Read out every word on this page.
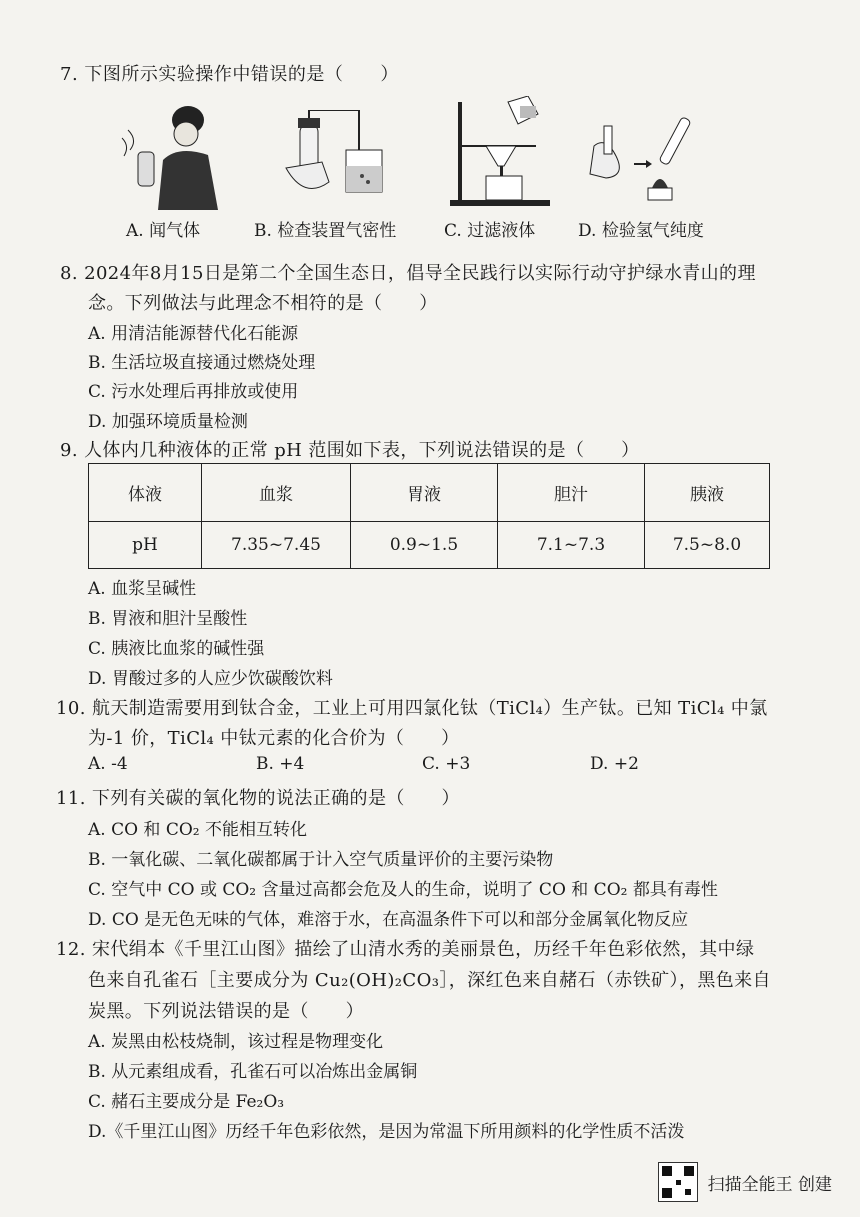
7. 下图所示实验操作中错误的是（　　）
A. 闻气体	B. 检查装置气密性	C. 过滤液体	D. 检验氢气纯度
8. 2024年8月15日是第二个全国生态日，倡导全民践行以实际行动守护绿水青山的理
念。下列做法与此理念不相符的是（　　）
A. 用清洁能源替代化石能源
B. 生活垃圾直接通过燃烧处理
C. 污水处理后再排放或使用
D. 加强环境质量检测
9. 人体内几种液体的正常 pH 范围如下表，下列说法错误的是（　　）
体液	血浆	胃液	胆汁	胰液
pH	7.35~7.45	0.9~1.5	7.1~7.3	7.5~8.0
A. 血浆呈碱性
B. 胃液和胆汁呈酸性
C. 胰液比血浆的碱性强
D. 胃酸过多的人应少饮碳酸饮料
10. 航天制造需要用到钛合金，工业上可用四氯化钛（TiCl₄）生产钛。已知 TiCl₄ 中氯
为-1 价，TiCl₄ 中钛元素的化合价为（　　）
A. -4	B. +4	C. +3	D. +2
11. 下列有关碳的氧化物的说法正确的是（　　）
A. CO 和 CO₂ 不能相互转化
B. 一氧化碳、二氧化碳都属于计入空气质量评价的主要污染物
C. 空气中 CO 或 CO₂ 含量过高都会危及人的生命，说明了 CO 和 CO₂ 都具有毒性
D. CO 是无色无味的气体，难溶于水，在高温条件下可以和部分金属氧化物反应
12. 宋代绢本《千里江山图》描绘了山清水秀的美丽景色，历经千年色彩依然，其中绿
色来自孔雀石［主要成分为 Cu₂(OH)₂CO₃］，深红色来自赭石（赤铁矿），黑色来自
炭黑。下列说法错误的是（　　）
A. 炭黑由松枝烧制，该过程是物理变化
B. 从元素组成看，孔雀石可以冶炼出金属铜
C. 赭石主要成分是 Fe₂O₃
D.《千里江山图》历经千年色彩依然，是因为常温下所用颜料的化学性质不活泼
扫描全能王 创建
